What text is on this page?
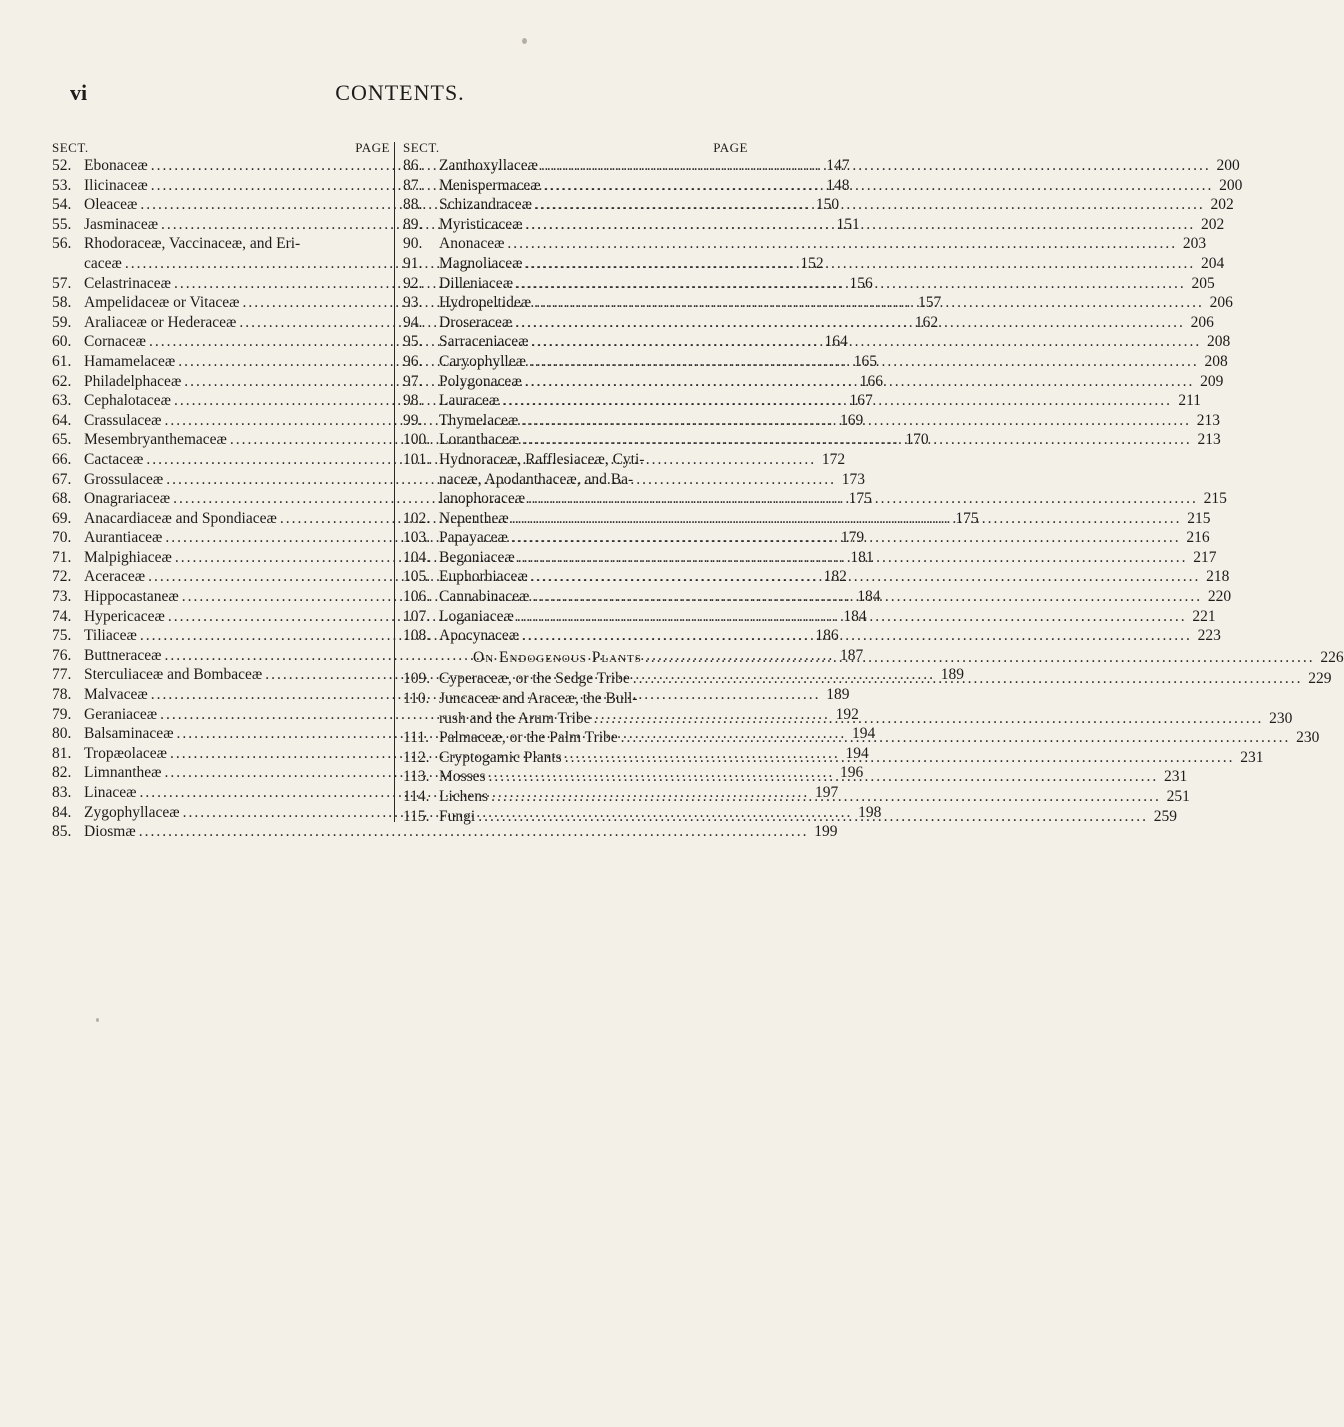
vi	CONTENTS.
SECT.	PAGE
52. Ebonaceæ .....	147
53. Ilicinaceæ .....	148
54. Oleaceæ .....	150
55. Jasminaceæ .....	151
56. Rhodoraceæ, Vaccinaceæ, and Eri-
caceæ .....	152
57. Celastrinaceæ .....	156
58. Ampelidaceæ or Vitaceæ .....	157
59. Araliaceæ or Hederaceæ .....	162
60. Cornaceæ .....	164
61. Hamamelaceæ .....	165
62. Philadelphaceæ .....	166
63. Cephalotaceæ .....	167
64. Crassulaceæ .....	169
65. Mesembryanthemaceæ .....	170
66. Cactaceæ .....	172
67. Grossulaceæ .....	173
68. Onagrariaceæ .....	175
69. Anacardiaceæ and Spondiaceæ .....	175
70. Aurantiaceæ .....	179
71. Malpighiaceæ .....	181
72. Aceraceæ .....	182
73. Hippocastaneæ .....	184
74. Hypericaceæ .....	184
75. Tiliaceæ .....	186
76. Buttneraceæ .....	187
77. Sterculiaceæ and Bombaceæ .....	189
78. Malvaceæ .....	189
79. Geraniaceæ .....	192
80. Balsaminaceæ .....	194
81. Tropæolaceæ .....	194
82. Limnantheæ .....	196
83. Linaceæ .....	197
84. Zygophyllaceæ .....	198
85. Diosmæ .....	199
SECT.	PAGE
86.	Zanthoxyllaceæ .....	200
87.	Menispermaceæ .....	200
88.	Schizandraceæ .....	202
89.	Myristicaceæ .....	202
90.	Anonaceæ .....	203
91.	Magnoliaceæ .....	204
92.	Dilleniaceæ .....	205
93.	Hydropeltideæ .....	206
94.	Droseraceæ .....	206
95.	Sarraceniaceæ .....	208
96.	Caryophylleæ .....	208
97.	Polygonaceæ .....	209
98.	Lauraceæ .....	211
99.	Thymelaceæ .....	213
100. Loranthaceæ .....	213
101. Hydnoraceæ, Rafflesiaceæ, Cyti-
naceæ, Apodanthaceæ, and Ba-
lanophoraceæ .....	215
102. Nepentheæ .....	215
103. Papayaceæ .....	216
104. Begoniaceæ .....	217
105. Euphorbiaceæ .....	218
106. Cannabinaceæ .....	220
107. Loganiaceæ .....	221
108. Apocynaceæ .....	223
On Endogenous Plants .....	226
109. Cyperaceæ, or the Sedge Tribe .....	229
110. Juncaceæ and Araceæ, the Bull-
rush and the Arum Tribe .....	230
111. Palmaceæ, or the Palm Tribe .....	230
112. Cryptogamic Plants .....	231
113. Mosses .....	231
114. Lichens .....	251
115. Fungi .....	259
